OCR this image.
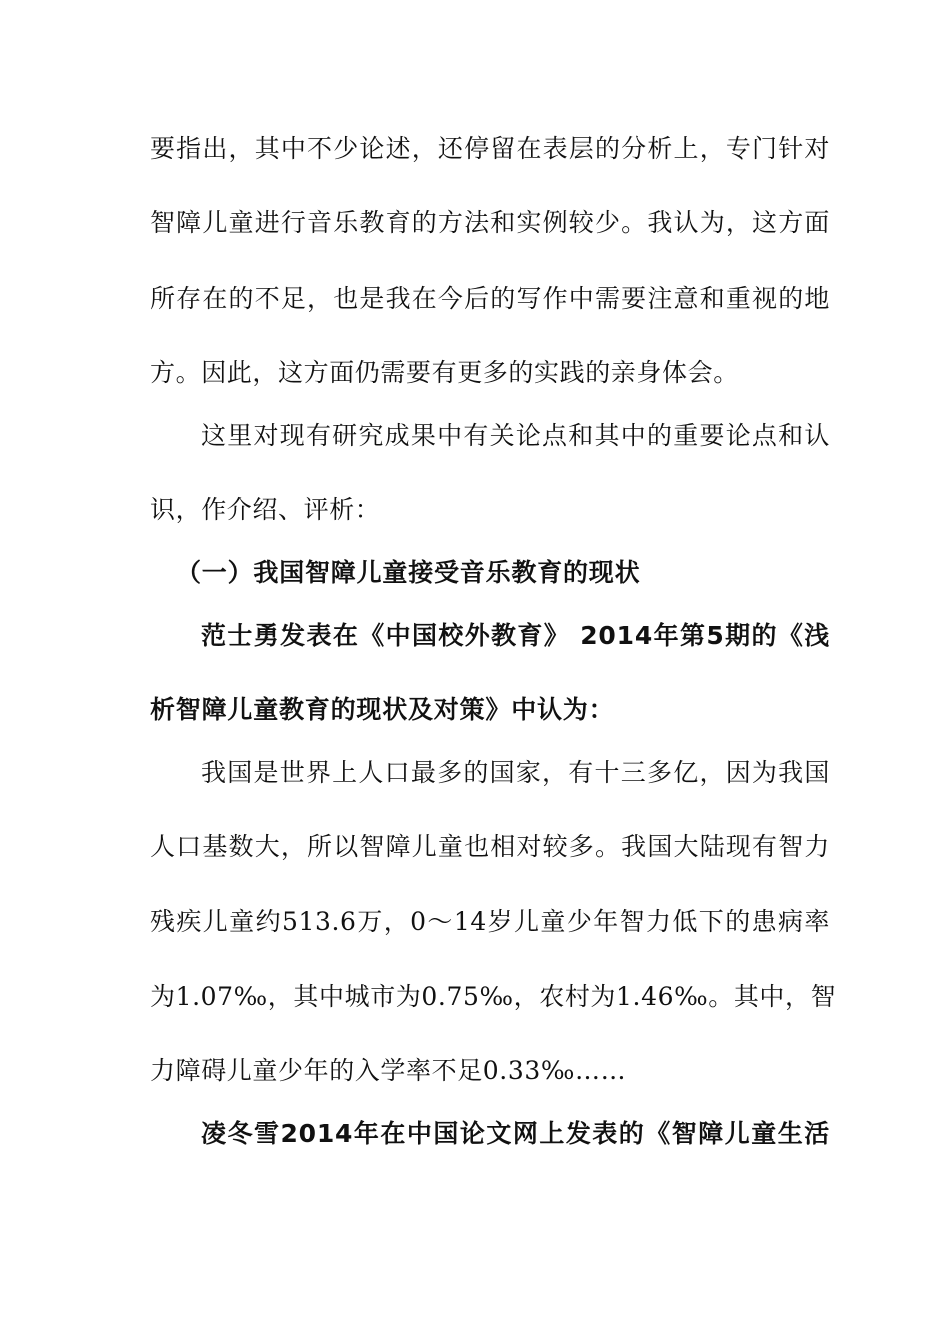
要指出，其中不少论述，还停留在表层的分析上，专门针对
智障儿童进行音乐教育的方法和实例较少。我认为，这方面
所存在的不足，也是我在今后的写作中需要注意和重视的地
方。因此，这方面仍需要有更多的实践的亲身体会。
这里对现有研究成果中有关论点和其中的重要论点和认
识，作介绍、评析：
（一）我国智障儿童接受音乐教育的现状
范士勇发表在《中国校外教育》 2014年第5期的《浅
析智障儿童教育的现状及对策》中认为：
我国是世界上人口最多的国家，有十三多亿，因为我国
人口基数大，所以智障儿童也相对较多。我国大陆现有智力
残疾儿童约513.6万，0～14岁儿童少年智力低下的患病率
为1.07‰，其中城市为0.75‰，农村为1.46‰。其中，智
力障碍儿童少年的入学率不足0.33‰……
凌冬雪2014年在中国论文网上发表的《智障儿童生活
